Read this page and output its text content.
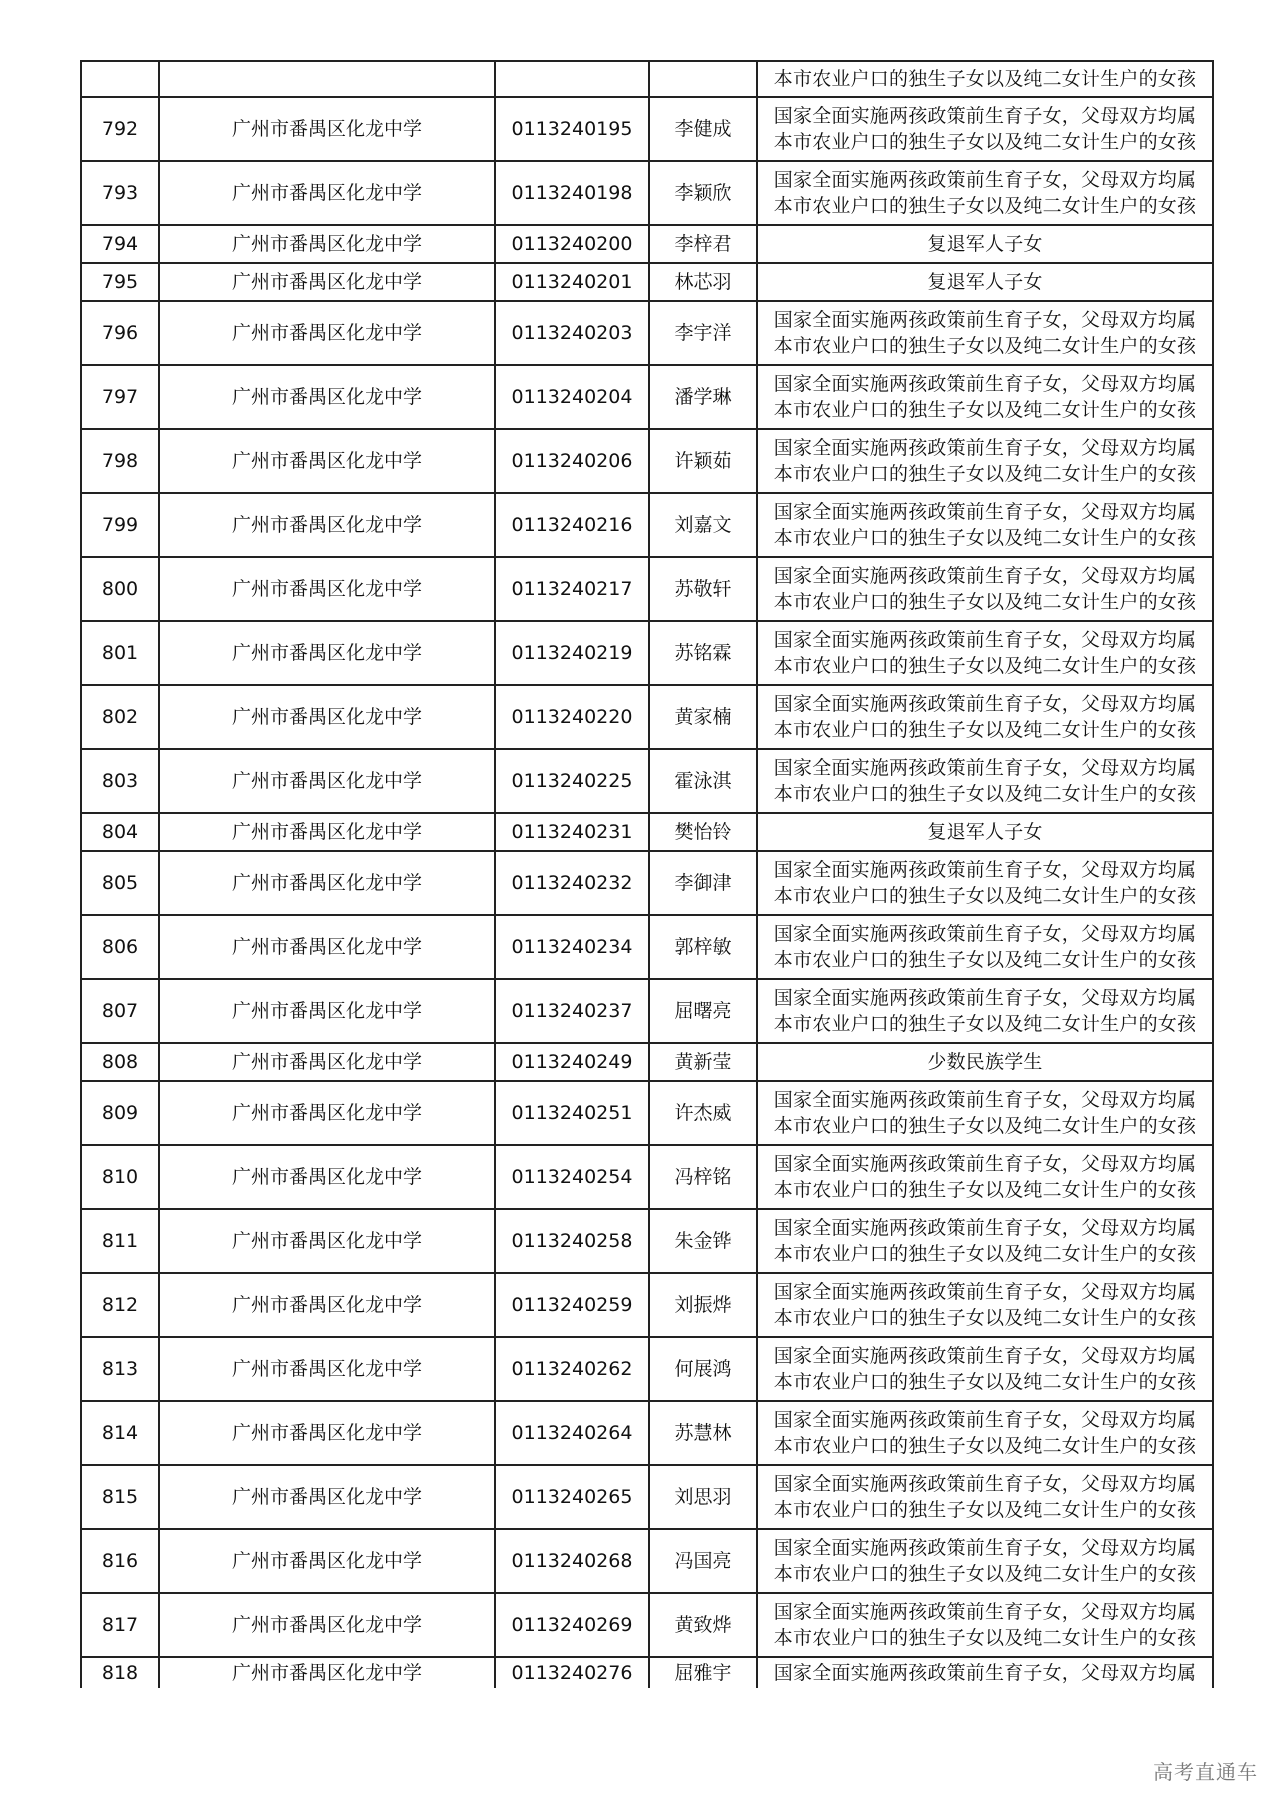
				本市农业户口的独生子女以及纯二女计生户的女孩

792	广州市番禺区化龙中学	0113240195	李健成	国家全面实施两孩政策前生育子女，父母双方均属
本市农业户口的独生子女以及纯二女计生户的女孩

793	广州市番禺区化龙中学	0113240198	李颖欣	国家全面实施两孩政策前生育子女，父母双方均属
本市农业户口的独生子女以及纯二女计生户的女孩

794	广州市番禺区化龙中学	0113240200	李梓君	复退军人子女

795	广州市番禺区化龙中学	0113240201	林芯羽	复退军人子女

796	广州市番禺区化龙中学	0113240203	李宇洋	国家全面实施两孩政策前生育子女，父母双方均属
本市农业户口的独生子女以及纯二女计生户的女孩

797	广州市番禺区化龙中学	0113240204	潘学琳	国家全面实施两孩政策前生育子女，父母双方均属
本市农业户口的独生子女以及纯二女计生户的女孩

798	广州市番禺区化龙中学	0113240206	许颖茹	国家全面实施两孩政策前生育子女，父母双方均属
本市农业户口的独生子女以及纯二女计生户的女孩

799	广州市番禺区化龙中学	0113240216	刘嘉文	国家全面实施两孩政策前生育子女，父母双方均属
本市农业户口的独生子女以及纯二女计生户的女孩

800	广州市番禺区化龙中学	0113240217	苏敬轩	国家全面实施两孩政策前生育子女，父母双方均属
本市农业户口的独生子女以及纯二女计生户的女孩

801	广州市番禺区化龙中学	0113240219	苏铭霖	国家全面实施两孩政策前生育子女，父母双方均属
本市农业户口的独生子女以及纯二女计生户的女孩

802	广州市番禺区化龙中学	0113240220	黄家楠	国家全面实施两孩政策前生育子女，父母双方均属
本市农业户口的独生子女以及纯二女计生户的女孩

803	广州市番禺区化龙中学	0113240225	霍泳淇	国家全面实施两孩政策前生育子女，父母双方均属
本市农业户口的独生子女以及纯二女计生户的女孩

804	广州市番禺区化龙中学	0113240231	樊怡铃	复退军人子女

805	广州市番禺区化龙中学	0113240232	李御津	国家全面实施两孩政策前生育子女，父母双方均属
本市农业户口的独生子女以及纯二女计生户的女孩

806	广州市番禺区化龙中学	0113240234	郭梓敏	国家全面实施两孩政策前生育子女，父母双方均属
本市农业户口的独生子女以及纯二女计生户的女孩

807	广州市番禺区化龙中学	0113240237	屈曙亮	国家全面实施两孩政策前生育子女，父母双方均属
本市农业户口的独生子女以及纯二女计生户的女孩

808	广州市番禺区化龙中学	0113240249	黄新莹	少数民族学生

809	广州市番禺区化龙中学	0113240251	许杰威	国家全面实施两孩政策前生育子女，父母双方均属
本市农业户口的独生子女以及纯二女计生户的女孩

810	广州市番禺区化龙中学	0113240254	冯梓铭	国家全面实施两孩政策前生育子女，父母双方均属
本市农业户口的独生子女以及纯二女计生户的女孩

811	广州市番禺区化龙中学	0113240258	朱金铧	国家全面实施两孩政策前生育子女，父母双方均属
本市农业户口的独生子女以及纯二女计生户的女孩

812	广州市番禺区化龙中学	0113240259	刘振烨	国家全面实施两孩政策前生育子女，父母双方均属
本市农业户口的独生子女以及纯二女计生户的女孩

813	广州市番禺区化龙中学	0113240262	何展鸿	国家全面实施两孩政策前生育子女，父母双方均属
本市农业户口的独生子女以及纯二女计生户的女孩

814	广州市番禺区化龙中学	0113240264	苏慧林	国家全面实施两孩政策前生育子女，父母双方均属
本市农业户口的独生子女以及纯二女计生户的女孩

815	广州市番禺区化龙中学	0113240265	刘思羽	国家全面实施两孩政策前生育子女，父母双方均属
本市农业户口的独生子女以及纯二女计生户的女孩

816	广州市番禺区化龙中学	0113240268	冯国亮	国家全面实施两孩政策前生育子女，父母双方均属
本市农业户口的独生子女以及纯二女计生户的女孩

817	广州市番禺区化龙中学	0113240269	黄致烨	国家全面实施两孩政策前生育子女，父母双方均属
本市农业户口的独生子女以及纯二女计生户的女孩

818	广州市番禺区化龙中学	0113240276	屈雅宇	国家全面实施两孩政策前生育子女，父母双方均属
高考直通车
